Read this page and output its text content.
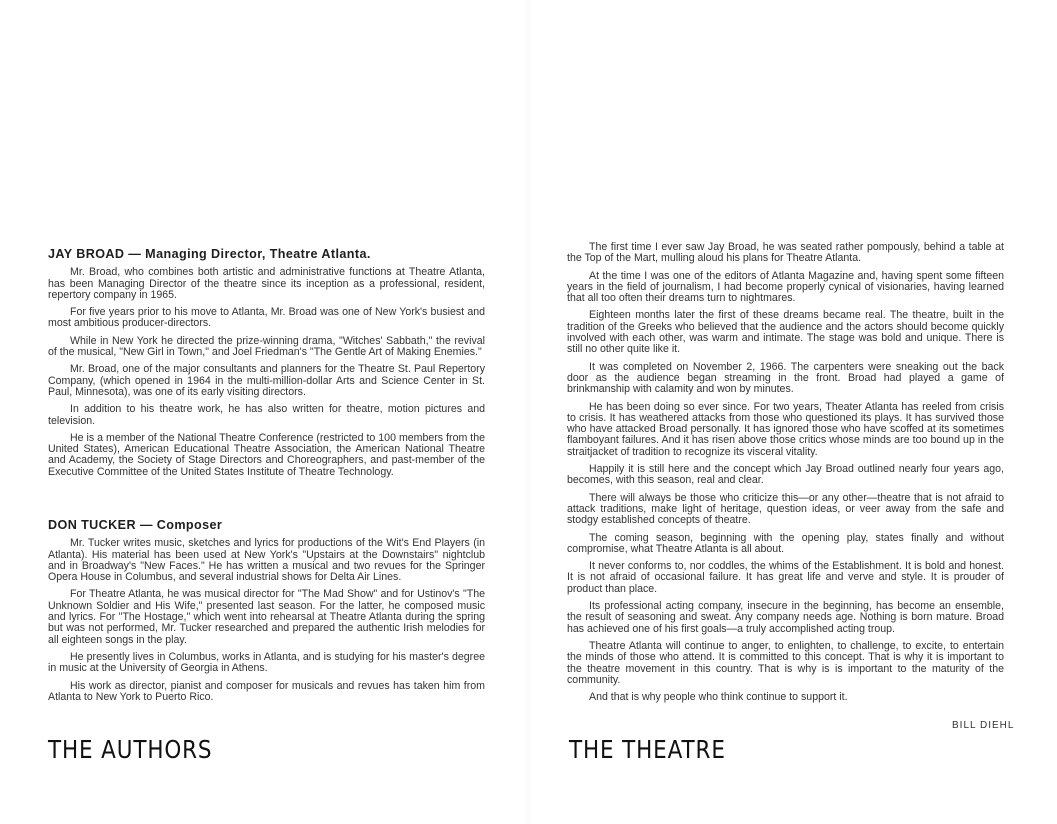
JAY BROAD — Managing Director, Theatre Atlanta.

Mr. Broad, who combines both artistic and administrative functions at Theatre Atlanta, has been Managing Director of the theatre since its inception as a professional, resident, repertory company in 1965.

For five years prior to his move to Atlanta, Mr. Broad was one of New York's busiest and most ambitious producer-directors.

While in New York he directed the prize-winning drama, "Witches' Sabbath," the revival of the musical, "New Girl in Town," and Joel Friedman's "The Gentle Art of Making Enemies."

Mr. Broad, one of the major consultants and planners for the Theatre St. Paul Repertory Company, (which opened in 1964 in the multi-million-dollar Arts and Science Center in St. Paul, Minnesota), was one of its early visiting directors.

In addition to his theatre work, he has also written for theatre, motion pictures and television.

He is a member of the National Theatre Conference (restricted to 100 members from the United States), American Educational Theatre Association, the American National Theatre and Academy, the Society of Stage Directors and Choreographers, and past-member of the Executive Committee of the United States Institute of Theatre Technology.

DON TUCKER — Composer

Mr. Tucker writes music, sketches and lyrics for productions of the Wit's End Players (in Atlanta). His material has been used at New York's "Upstairs at the Downstairs" nightclub and in Broadway's "New Faces." He has written a musical and two revues for the Springer Opera House in Columbus, and several industrial shows for Delta Air Lines.

For Theatre Atlanta, he was musical director for "The Mad Show" and for Ustinov's "The Unknown Soldier and His Wife," presented last season. For the latter, he composed music and lyrics. For "The Hostage," which went into rehearsal at Theatre Atlanta during the spring but was not performed, Mr. Tucker researched and prepared the authentic Irish melodies for all eighteen songs in the play.

He presently lives in Columbus, works in Atlanta, and is studying for his master's degree in music at the University of Georgia in Athens.

His work as director, pianist and composer for musicals and revues has taken him from Atlanta to New York to Puerto Rico.

THE AUTHORS

The first time I ever saw Jay Broad, he was seated rather pompously, behind a table at the Top of the Mart, mulling aloud his plans for Theatre Atlanta.

At the time I was one of the editors of Atlanta Magazine and, having spent some fifteen years in the field of journalism, I had become properly cynical of visionaries, having learned that all too often their dreams turn to nightmares.

Eighteen months later the first of these dreams became real. The theatre, built in the tradition of the Greeks who believed that the audience and the actors should become quickly involved with each other, was warm and intimate. The stage was bold and unique. There is still no other quite like it.

It was completed on November 2, 1966. The carpenters were sneaking out the back door as the audience began streaming in the front. Broad had played a game of brinkmanship with calamity and won by minutes.

He has been doing so ever since. For two years, Theater Atlanta has reeled from crisis to crisis. It has weathered attacks from those who questioned its plays. It has survived those who have attacked Broad personally. It has ignored those who have scoffed at its sometimes flamboyant failures. And it has risen above those critics whose minds are too bound up in the straitjacket of tradition to recognize its visceral vitality.

Happily it is still here and the concept which Jay Broad outlined nearly four years ago, becomes, with this season, real and clear.

There will always be those who criticize this—or any other—theatre that is not afraid to attack traditions, make light of heritage, question ideas, or veer away from the safe and stodgy established concepts of theatre.

The coming season, beginning with the opening play, states finally and without compromise, what Theatre Atlanta is all about.

It never conforms to, nor coddles, the whims of the Establishment. It is bold and honest. It is not afraid of occasional failure. It has great life and verve and style. It is prouder of product than place.

Its professional acting company, insecure in the beginning, has become an ensemble, the result of seasoning and sweat. Any company needs age. Nothing is born mature. Broad has achieved one of his first goals—a truly accomplished acting troup.

Theatre Atlanta will continue to anger, to enlighten, to challenge, to excite, to entertain the minds of those who attend. It is committed to this concept. That is why it is important to the theatre movement in this country. That is why is is important to the maturity of the community.

And that is why people who think continue to support it.

BILL DIEHL
THE THEATRE
